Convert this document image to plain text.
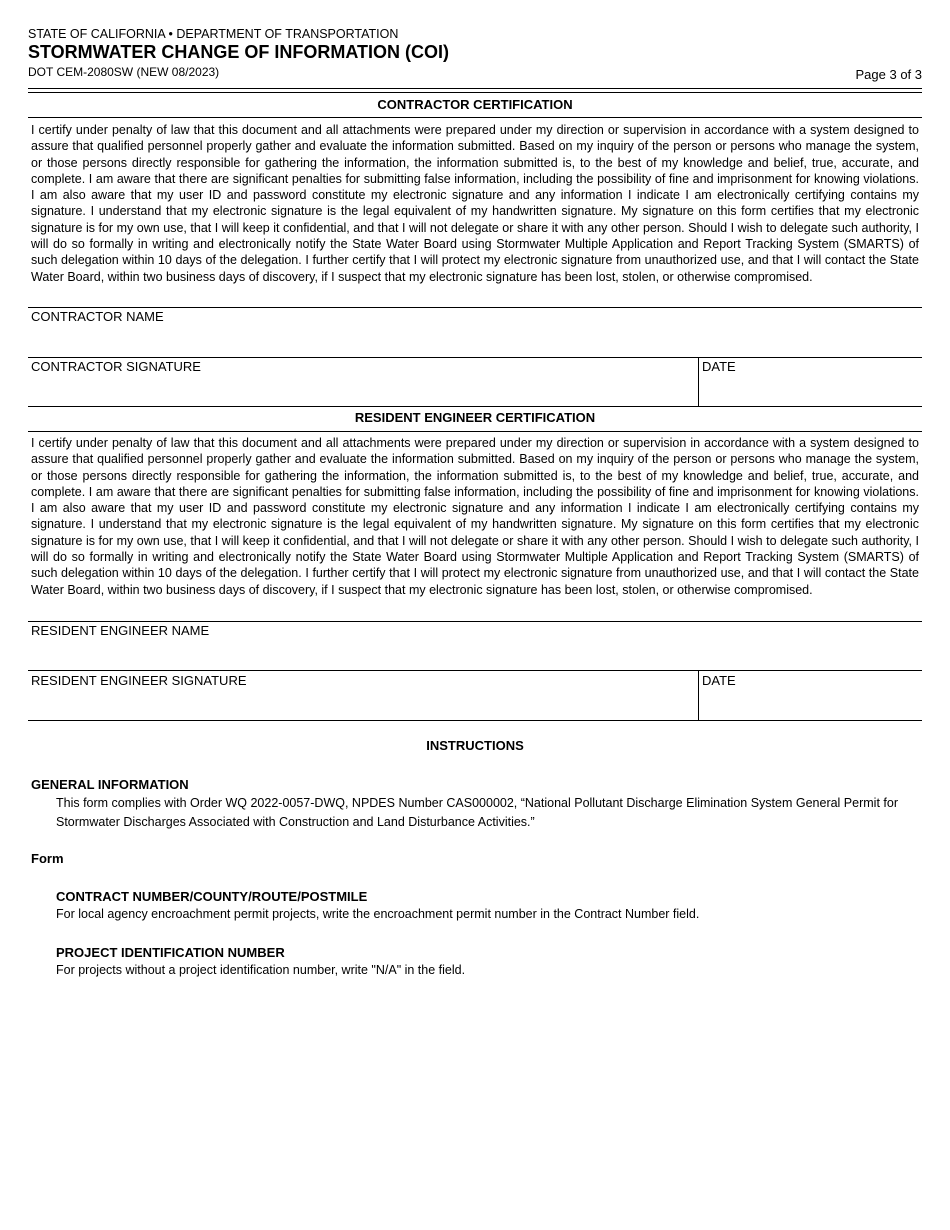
STATE OF CALIFORNIA • DEPARTMENT OF TRANSPORTATION
STORMWATER CHANGE OF INFORMATION (COI)
DOT CEM-2080SW (NEW 08/2023)	Page 3 of 3
CONTRACTOR CERTIFICATION
I certify under penalty of law that this document and all attachments were prepared under my direction or supervision in accordance with a system designed to assure that qualified personnel properly gather and evaluate the information submitted. Based on my inquiry of the person or persons who manage the system, or those persons directly responsible for gathering the information, the information submitted is, to the best of my knowledge and belief, true, accurate, and complete. I am aware that there are significant penalties for submitting false information, including the possibility of fine and imprisonment for knowing violations. I am also aware that my user ID and password constitute my electronic signature and any information I indicate I am electronically certifying contains my signature. I understand that my electronic signature is the legal equivalent of my handwritten signature. My signature on this form certifies that my electronic signature is for my own use, that I will keep it confidential, and that I will not delegate or share it with any other person. Should I wish to delegate such authority, I will do so formally in writing and electronically notify the State Water Board using Stormwater Multiple Application and Report Tracking System (SMARTS) of such delegation within 10 days of the delegation. I further certify that I will protect my electronic signature from unauthorized use, and that I will contact the State Water Board, within two business days of discovery, if I suspect that my electronic signature has been lost, stolen, or otherwise compromised.
CONTRACTOR NAME
CONTRACTOR SIGNATURE	DATE
RESIDENT ENGINEER CERTIFICATION
I certify under penalty of law that this document and all attachments were prepared under my direction or supervision in accordance with a system designed to assure that qualified personnel properly gather and evaluate the information submitted. Based on my inquiry of the person or persons who manage the system, or those persons directly responsible for gathering the information, the information submitted is, to the best of my knowledge and belief, true, accurate, and complete. I am aware that there are significant penalties for submitting false information, including the possibility of fine and imprisonment for knowing violations. I am also aware that my user ID and password constitute my electronic signature and any information I indicate I am electronically certifying contains my signature. I understand that my electronic signature is the legal equivalent of my handwritten signature. My signature on this form certifies that my electronic signature is for my own use, that I will keep it confidential, and that I will not delegate or share it with any other person. Should I wish to delegate such authority, I will do so formally in writing and electronically notify the State Water Board using Stormwater Multiple Application and Report Tracking System (SMARTS) of such delegation within 10 days of the delegation. I further certify that I will protect my electronic signature from unauthorized use, and that I will contact the State Water Board, within two business days of discovery, if I suspect that my electronic signature has been lost, stolen, or otherwise compromised.
RESIDENT ENGINEER NAME
RESIDENT ENGINEER SIGNATURE	DATE
INSTRUCTIONS
GENERAL INFORMATION
This form complies with Order WQ 2022-0057-DWQ, NPDES Number CAS000002, “National Pollutant Discharge Elimination System General Permit for Stormwater Discharges Associated with Construction and Land Disturbance Activities.”
Form
CONTRACT NUMBER/COUNTY/ROUTE/POSTMILE
For local agency encroachment permit projects, write the encroachment permit number in the Contract Number field.
PROJECT IDENTIFICATION NUMBER
For projects without a project identification number, write "N/A" in the field.
